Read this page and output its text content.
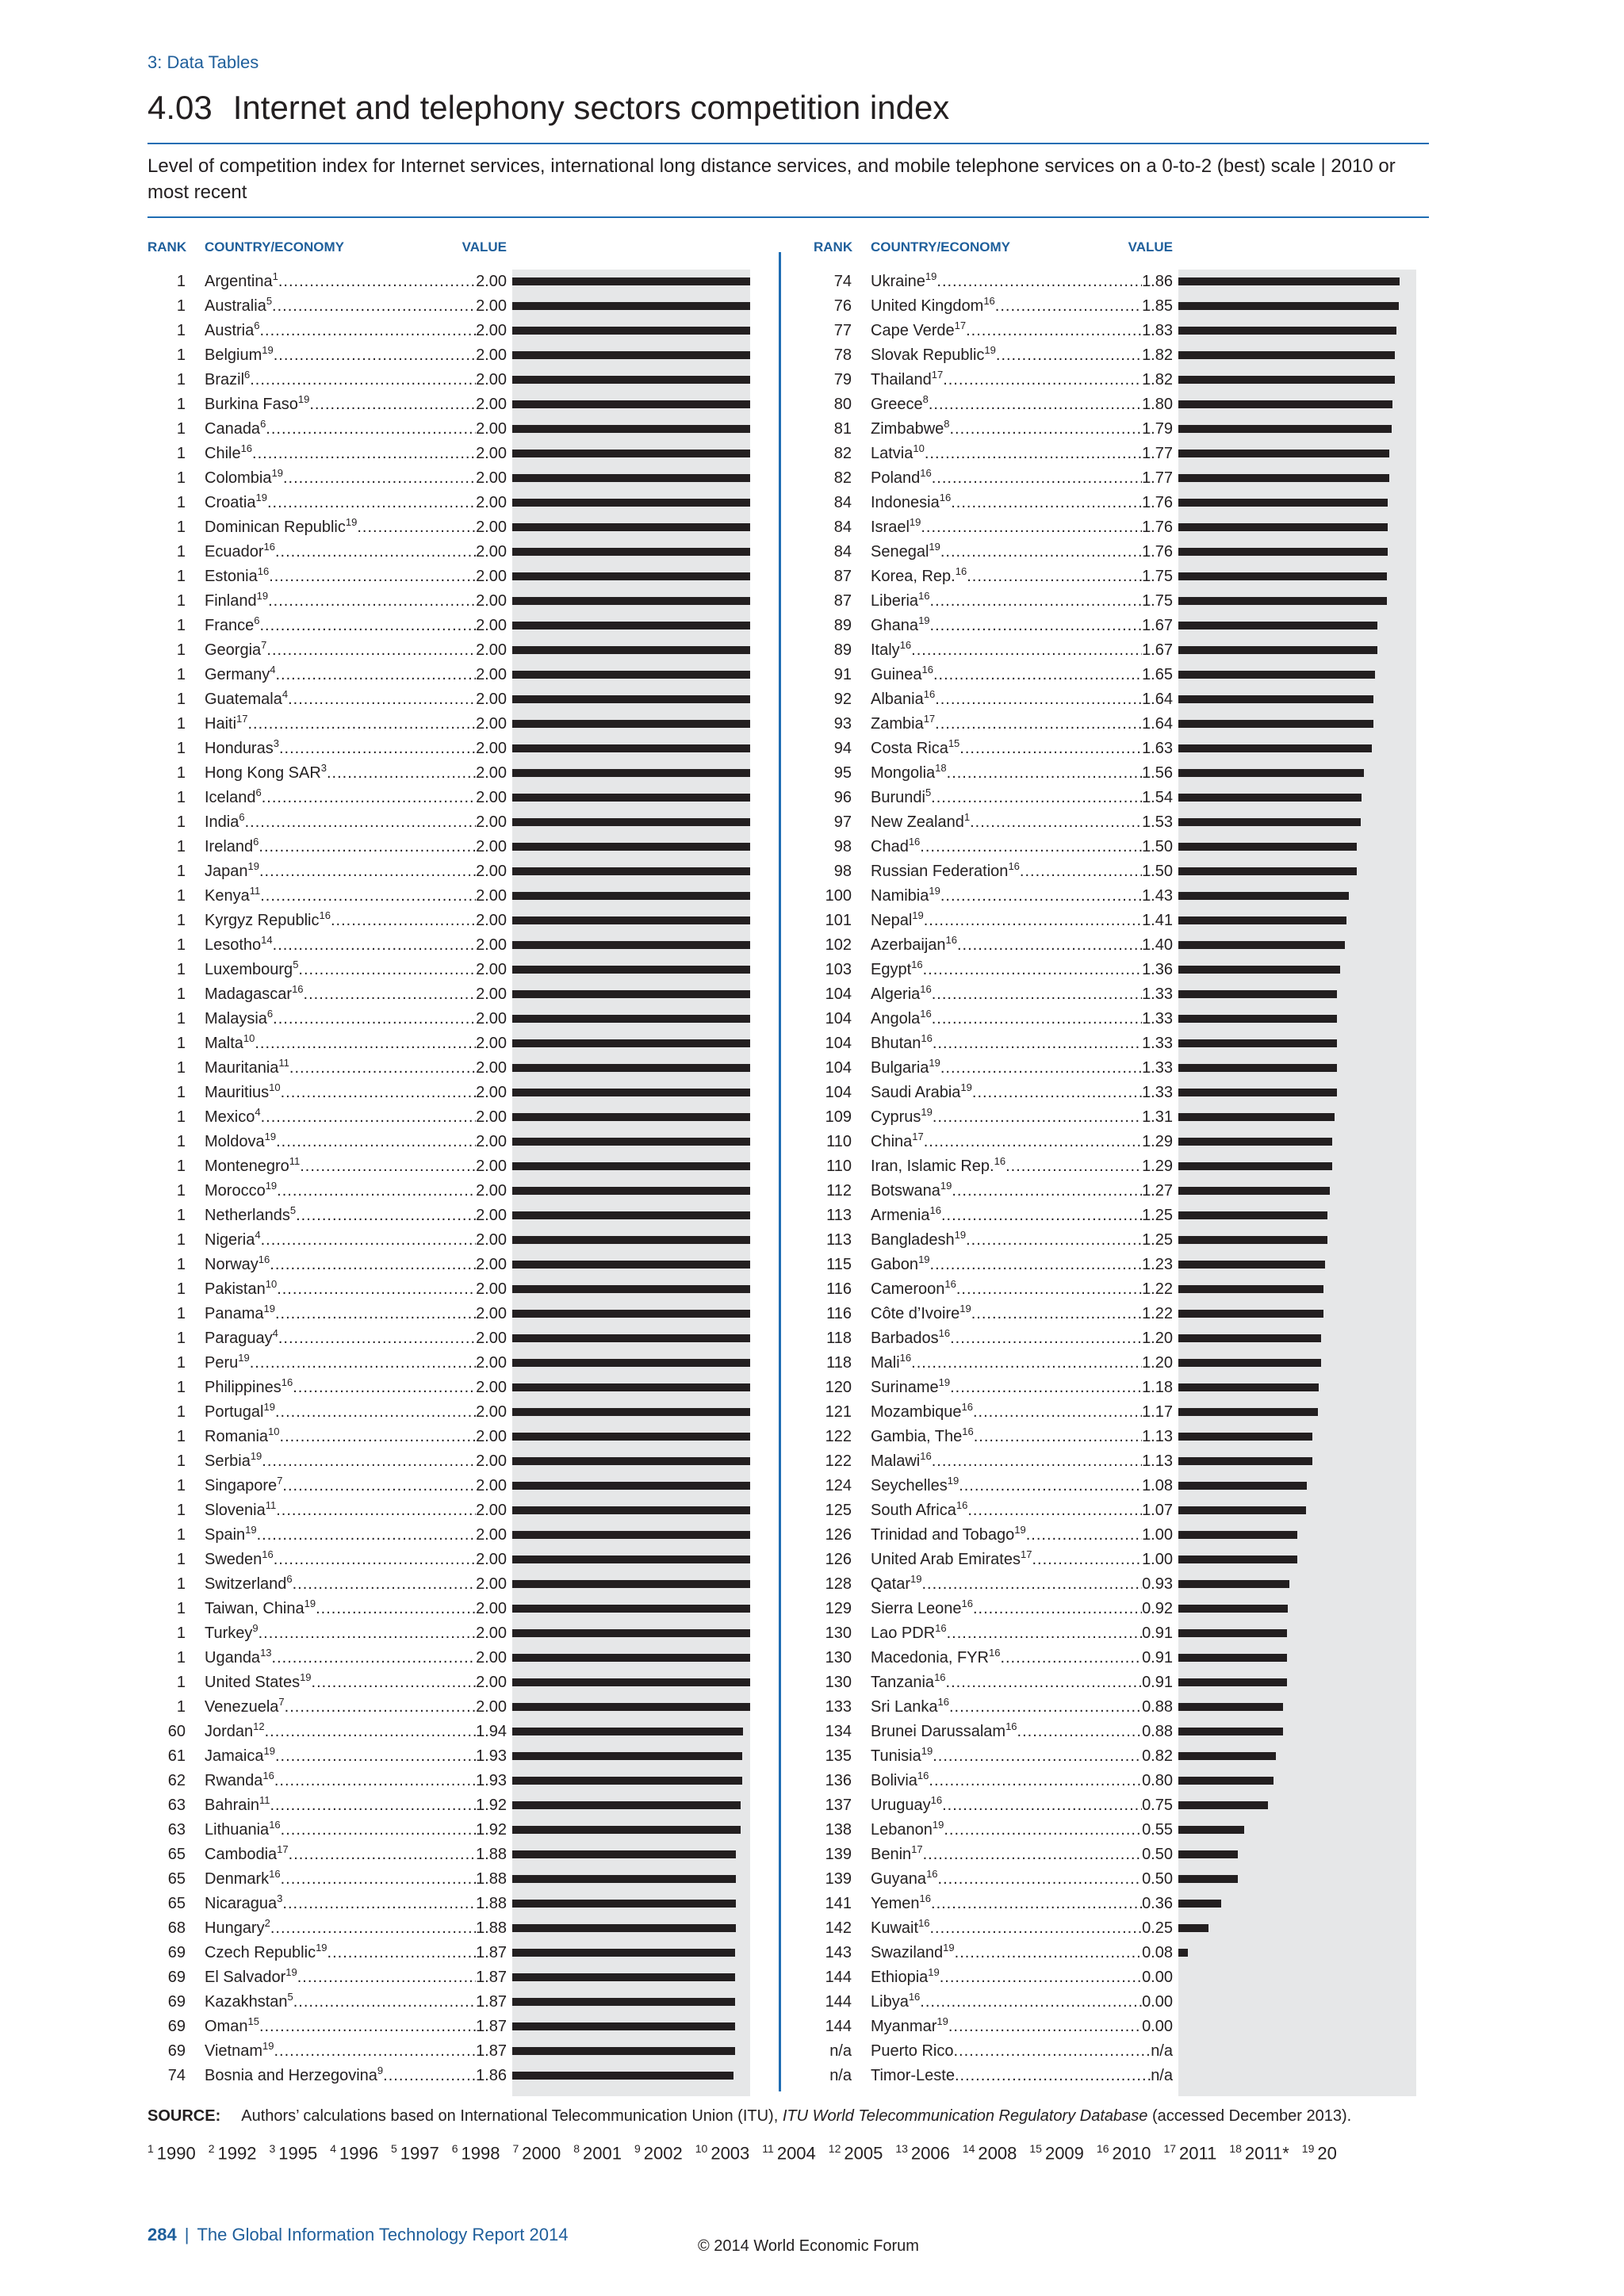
3: Data Tables
4.03 Internet and telephony sectors competition index
Level of competition index for Internet services, international long distance services, and mobile telephone services on a 0-to-2 (best) scale | 2010 or most recent
RANK COUNTRY/ECONOMY	VALUE
1 Argentina$^1$ .....	2.00
1 Australia$^5$ .....	2.00
1 Austria$^6$ .....	2.00
1 Belgium$^{19}$ .....	2.00
1 Brazil$^6$ .....	2.00
1 Burkina Faso$^{19}$ .....	2.00
1 Canada$^6$ .....	2.00
1 Chile$^{16}$ .....	2.00
1 Colombia$^{19}$ .....	2.00
1 Croatia$^{19}$ .....	2.00
1 Dominican Republic$^{19}$ .....	2.00
1 Ecuador$^{16}$ .....	2.00
1 Estonia$^{16}$ .....	2.00
1 Finland$^{19}$ .....	2.00
1 France$^6$ .....	2.00
1 Georgia$^7$ .....	2.00
1 Germany$^4$ .....	2.00
1 Guatemala$^4$ .....	2.00
1 Haiti$^{17}$ .....	2.00
1 Honduras$^3$ .....	2.00
1 Hong Kong SAR$^3$ .....	2.00
1 Iceland$^6$ .....	2.00
1 India$^6$ .....	2.00
1 Ireland$^6$ .....	2.00
1 Japan$^{19}$ .....	2.00
1 Kenya$^{11}$ .....	2.00
1 Kyrgyz Republic$^{16}$ .....	2.00
1 Lesotho$^{14}$ .....	2.00
1 Luxembourg$^5$ .....	2.00
1 Madagascar$^{16}$ .....	2.00
1 Malaysia$^6$ .....	2.00
1 Malta$^{10}$ .....	2.00
1 Mauritania$^{11}$ .....	2.00
1 Mauritius$^{10}$ .....	2.00
1 Mexico$^4$ .....	2.00
1 Moldova$^{19}$ .....	2.00
1 Montenegro$^{11}$ .....	2.00
1 Morocco$^{19}$ .....	2.00
1 Netherlands$^5$ .....	2.00
1 Nigeria$^4$ .....	2.00
1 Norway$^{16}$ .....	2.00
1 Pakistan$^{10}$ .....	2.00
1 Panama$^{19}$ .....	2.00
1 Paraguay$^4$ .....	2.00
1 Peru$^{19}$ .....	2.00
1 Philippines$^{16}$ .....	2.00
1 Portugal$^{19}$ .....	2.00
1 Romania$^{10}$ .....	2.00
1 Serbia$^{19}$ .....	2.00
1 Singapore$^7$ .....	2.00
1 Slovenia$^{11}$ .....	2.00
1 Spain$^{19}$ .....	2.00
1 Sweden$^{16}$ .....	2.00
1 Switzerland$^6$ .....	2.00
1 Taiwan, China$^{19}$ .....	2.00
1 Turkey$^9$ .....	2.00
1 Uganda$^{13}$ .....	2.00
1 United States$^{19}$ .....	2.00
1 Venezuela$^7$ .....	2.00
60 Jordan$^{12}$ .....	1.94
61 Jamaica$^{19}$ .....	1.93
62 Rwanda$^{16}$ .....	1.93
63 Bahrain$^{11}$ .....	1.92
63 Lithuania$^{16}$ .....	1.92
65 Cambodia$^{17}$ .....	1.88
65 Denmark$^{16}$ .....	1.88
65 Nicaragua$^3$ .....	1.88
68 Hungary$^2$ .....	1.88
69 Czech Republic$^{19}$ .....	1.87
69 El Salvador$^{19}$ .....	1.87
69 Kazakhstan$^5$ .....	1.87
69 Oman$^{15}$ .....	1.87
69 Vietnam$^{19}$ .....	1.87
74 Bosnia and Herzegovina$^9$ .....	1.86
RANK COUNTRY/ECONOMY	VALUE
74 Ukraine$^{19}$ .....	1.86
76 United Kingdom$^{16}$ .....	1.85
77 Cape Verde$^{17}$ .....	1.83
78 Slovak Republic$^{19}$ .....	1.82
79 Thailand$^{17}$ .....	1.82
80 Greece$^8$ .....	1.80
81 Zimbabwe$^8$ .....	1.79
82 Latvia$^{10}$ .....	1.77
82 Poland$^{16}$ .....	1.77
84 Indonesia$^{16}$ .....	1.76
84 Israel$^{19}$ .....	1.76
84 Senegal$^{19}$ .....	1.76
87 Korea, Rep.$^{16}$ .....	1.75
87 Liberia$^{16}$ .....	1.75
89 Ghana$^{19}$ .....	1.67
89 Italy$^{16}$ .....	1.67
91 Guinea$^{16}$ .....	1.65
92 Albania$^{16}$ .....	1.64
93 Zambia$^{17}$ .....	1.64
94 Costa Rica$^{15}$ .....	1.63
95 Mongolia$^{18}$ .....	1.56
96 Burundi$^5$ .....	1.54
97 New Zealand$^1$ .....	1.53
98 Chad$^{16}$ .....	1.50
98 Russian Federation$^{16}$ .....	1.50
100 Namibia$^{19}$ .....	1.43
101 Nepal$^{19}$ .....	1.41
102 Azerbaijan$^{16}$ .....	1.40
103 Egypt$^{16}$ .....	1.36
104 Algeria$^{16}$ .....	1.33
104 Angola$^{16}$ .....	1.33
104 Bhutan$^{16}$ .....	1.33
104 Bulgaria$^{19}$ .....	1.33
104 Saudi Arabia$^{19}$ .....	1.33
109 Cyprus$^{19}$ .....	1.31
110 China$^{17}$ .....	1.29
110 Iran, Islamic Rep.$^{16}$ .....	1.29
112 Botswana$^{19}$ .....	1.27
113 Armenia$^{16}$ .....	1.25
113 Bangladesh$^{19}$ .....	1.25
115 Gabon$^{19}$ .....	1.23
116 Cameroon$^{16}$ .....	1.22
116 Côte d’Ivoire$^{19}$ .....	1.22
118 Barbados$^{16}$ .....	1.20
118 Mali$^{16}$ .....	1.20
120 Suriname$^{19}$ .....	1.18
121 Mozambique$^{16}$ .....	1.17
122 Gambia, The$^{16}$ .....	1.13
122 Malawi$^{16}$ .....	1.13
124 Seychelles$^{19}$ .....	1.08
125 South Africa$^{16}$ .....	1.07
126 Trinidad and Tobago$^{19}$ .....	1.00
126 United Arab Emirates$^{17}$ .....	1.00
128 Qatar$^{19}$ .....	0.93
129 Sierra Leone$^{16}$ .....	0.92
130 Lao PDR$^{16}$ .....	0.91
130 Macedonia, FYR$^{16}$ .....	0.91
130 Tanzania$^{16}$ .....	0.91
133 Sri Lanka$^{16}$ .....	0.88
134 Brunei Darussalam$^{16}$ .....	0.88
135 Tunisia$^{19}$ .....	0.82
136 Bolivia$^{16}$ .....	0.80
137 Uruguay$^{16}$ .....	0.75
138 Lebanon$^{19}$ .....	0.55
139 Benin$^{17}$ .....	0.50
139 Guyana$^{16}$ .....	0.50
141 Yemen$^{16}$ .....	0.36
142 Kuwait$^{16}$ .....	0.25
143 Swaziland$^{19}$ .....	0.08
144 Ethiopia$^{19}$ .....	0.00
144 Libya$^{16}$ .....	0.00
144 Myanmar$^{19}$ .....	0.00
n/a Puerto Rico .....	n/a
n/a Timor-Leste .....	n/a
SOURCE: Authors’ calculations based on International Telecommunication Union (ITU), ITU World Telecommunication Regulatory Database (accessed December 2013).
$^1$ 1990 $^2$ 1992 $^3$ 1995 $^4$ 1996 $^5$ 1997 $^6$ 1998 $^7$ 2000 $^8$ 2001 $^9$ 2002 $^{10}$ 2003 $^{11}$ 2004 $^{12}$ 2005 $^{13}$ 2006 $^{14}$ 2008 $^{15}$ 2009 $^{16}$ 2010 $^{17}$ 2011 $^{18}$ 2011* $^{19}$ 20
284 | The Global Information Technology Report 2014
© 2014 World Economic Forum
